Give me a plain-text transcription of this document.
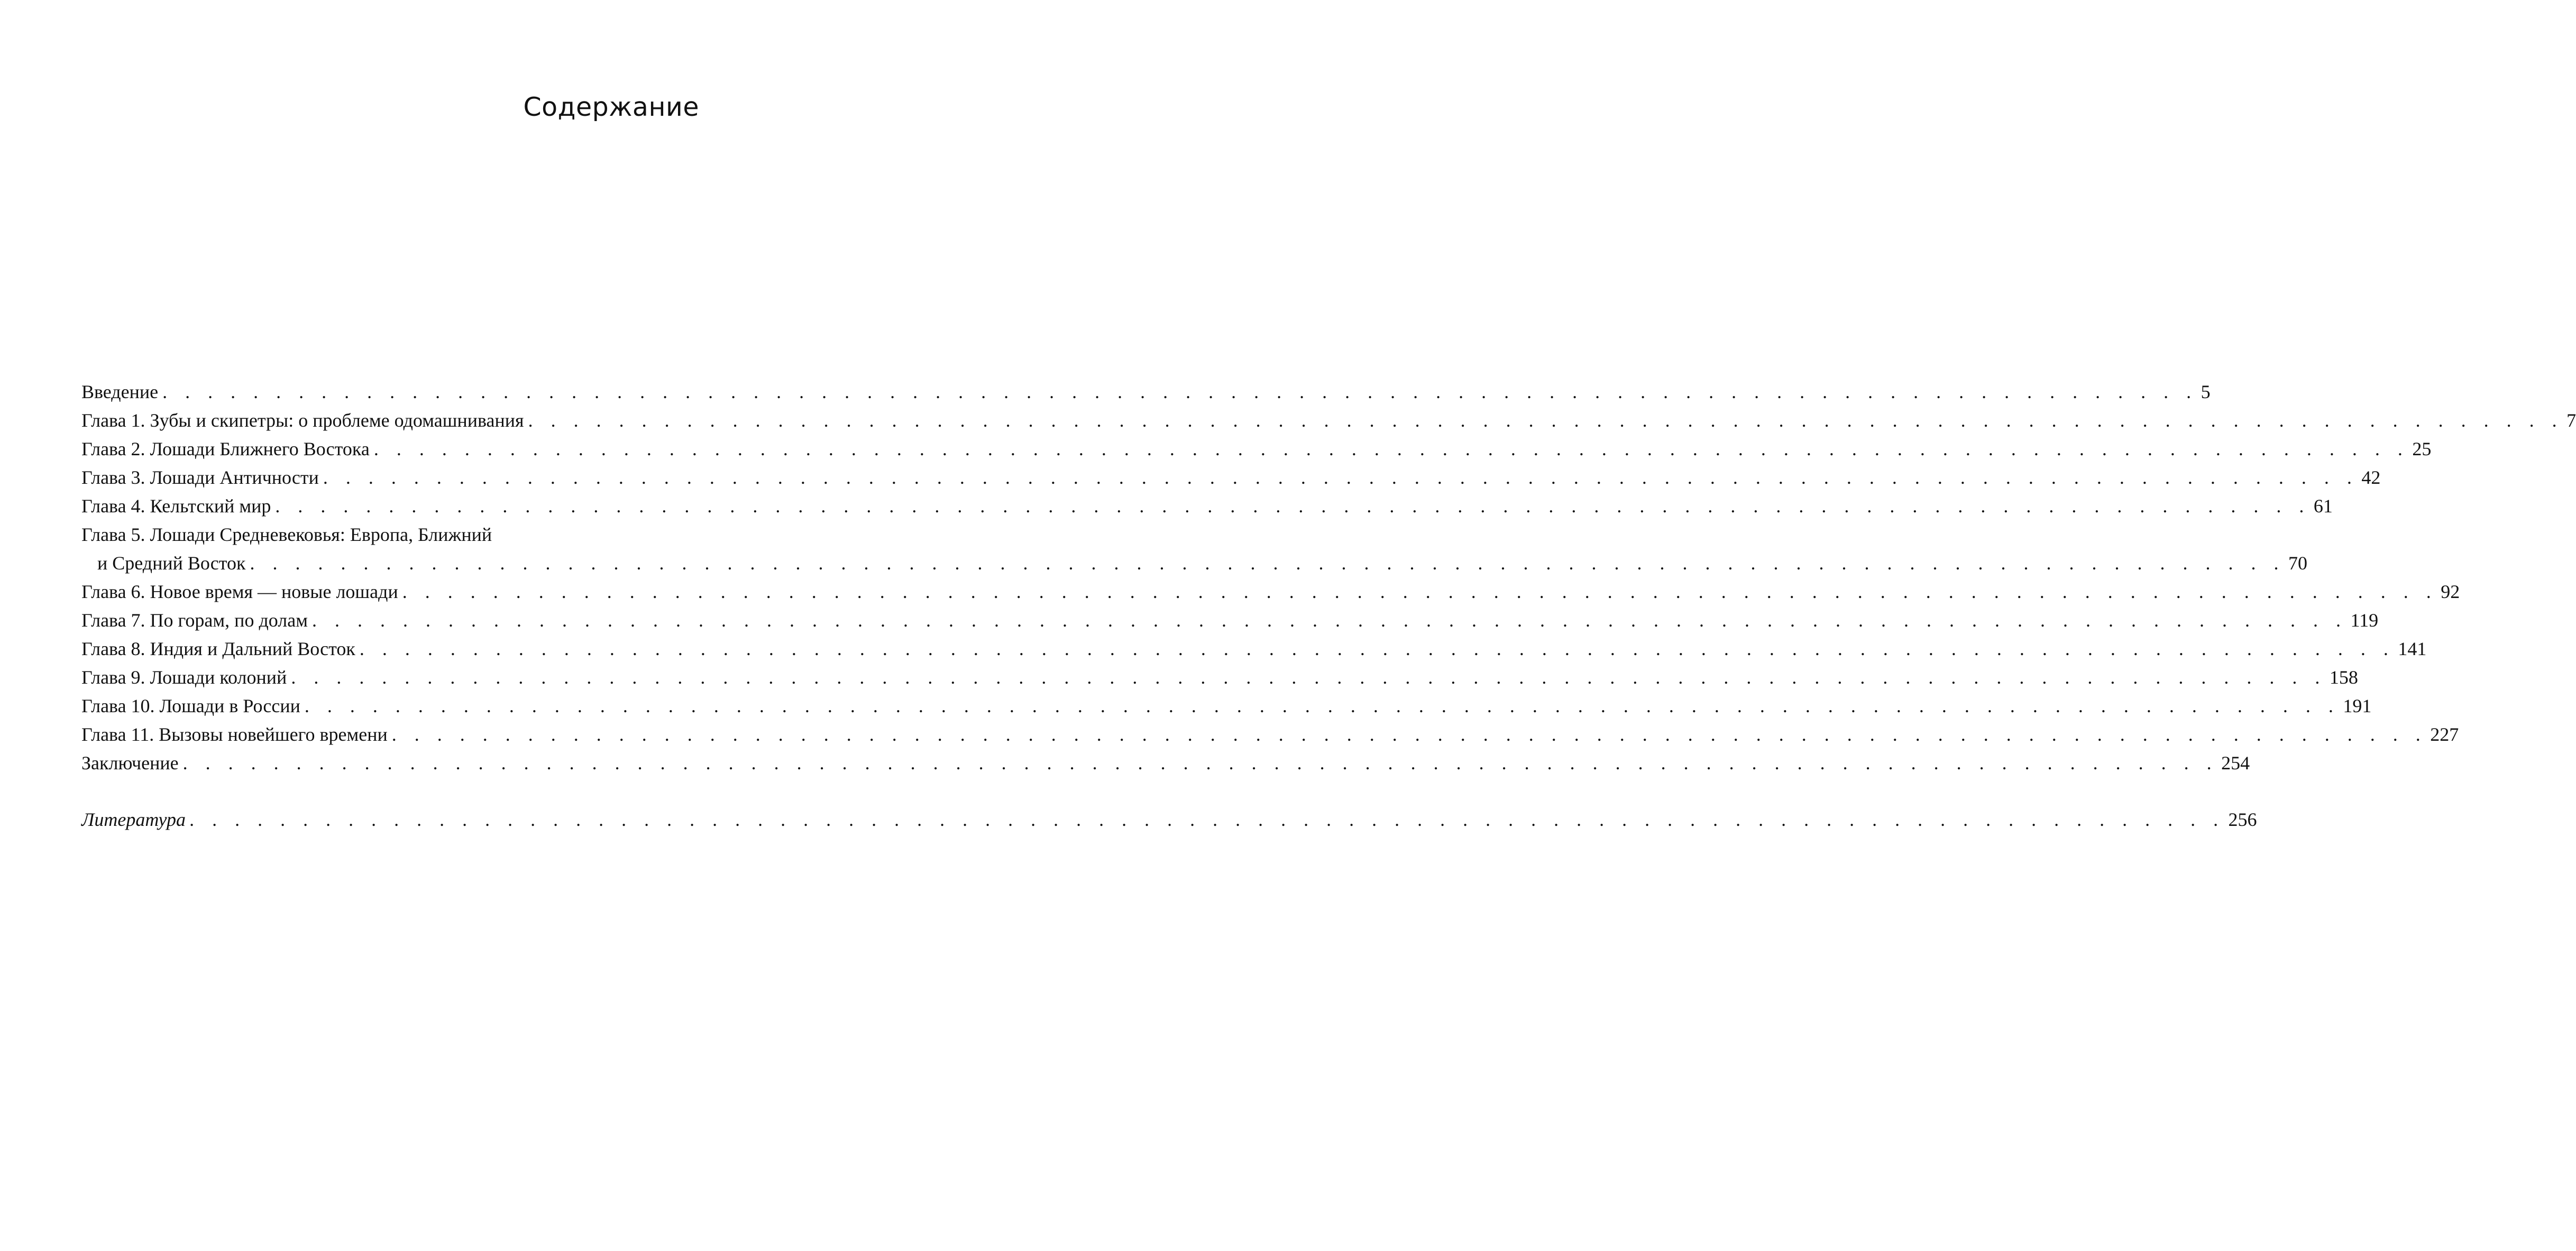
Содержание
Введение . . . . . . . . . . . . . . . . . . . . . . . . . . . . . . . . . . . . . . . . . . . . . . . . . . . . . . . . . . . . . . . . . . . . . . . . . . . . . . . . . . . . . . . . . . 5
Глава 1. Зубы и скипетры: о проблеме одомашнивания . . . . . . . . . . . . . . . . . . . . . . . . . . . . . . . . . . . . . . . . . . . . . . . . . . . . . . . . . . . . . . . . . . . . . . . . . . . . . . . . . . . . . . . . . . 7
Глава 2. Лошади Ближнего Востока . . . . . . . . . . . . . . . . . . . . . . . . . . . . . . . . . . . . . . . . . . . . . . . . . . . . . . . . . . . . . . . . . . . . . . . . . . . . . . . . . . . . . . . . . . 25
Глава 3. Лошади Античности . . . . . . . . . . . . . . . . . . . . . . . . . . . . . . . . . . . . . . . . . . . . . . . . . . . . . . . . . . . . . . . . . . . . . . . . . . . . . . . . . . . . . . . . . . 42
Глава 4. Кельтский мир . . . . . . . . . . . . . . . . . . . . . . . . . . . . . . . . . . . . . . . . . . . . . . . . . . . . . . . . . . . . . . . . . . . . . . . . . . . . . . . . . . . . . . . . . . 61
Глава 5. Лошади Средневековья: Европа, Ближний
и Средний Восток . . . . . . . . . . . . . . . . . . . . . . . . . . . . . . . . . . . . . . . . . . . . . . . . . . . . . . . . . . . . . . . . . . . . . . . . . . . . . . . . . . . . . . . . . . 70
Глава 6. Новое время — новые лошади . . . . . . . . . . . . . . . . . . . . . . . . . . . . . . . . . . . . . . . . . . . . . . . . . . . . . . . . . . . . . . . . . . . . . . . . . . . . . . . . . . . . . . . . . . 92
Глава 7. По горам, по долам . . . . . . . . . . . . . . . . . . . . . . . . . . . . . . . . . . . . . . . . . . . . . . . . . . . . . . . . . . . . . . . . . . . . . . . . . . . . . . . . . . . . . . . . . . 119
Глава 8. Индия и Дальний Восток . . . . . . . . . . . . . . . . . . . . . . . . . . . . . . . . . . . . . . . . . . . . . . . . . . . . . . . . . . . . . . . . . . . . . . . . . . . . . . . . . . . . . . . . . . 141
Глава 9. Лошади колоний . . . . . . . . . . . . . . . . . . . . . . . . . . . . . . . . . . . . . . . . . . . . . . . . . . . . . . . . . . . . . . . . . . . . . . . . . . . . . . . . . . . . . . . . . . 158
Глава 10. Лошади в России . . . . . . . . . . . . . . . . . . . . . . . . . . . . . . . . . . . . . . . . . . . . . . . . . . . . . . . . . . . . . . . . . . . . . . . . . . . . . . . . . . . . . . . . . . 191
Глава 11. Вызовы новейшего времени . . . . . . . . . . . . . . . . . . . . . . . . . . . . . . . . . . . . . . . . . . . . . . . . . . . . . . . . . . . . . . . . . . . . . . . . . . . . . . . . . . . . . . . . . . 227
Заключение . . . . . . . . . . . . . . . . . . . . . . . . . . . . . . . . . . . . . . . . . . . . . . . . . . . . . . . . . . . . . . . . . . . . . . . . . . . . . . . . . . . . . . . . . . 254
Литература . . . . . . . . . . . . . . . . . . . . . . . . . . . . . . . . . . . . . . . . . . . . . . . . . . . . . . . . . . . . . . . . . . . . . . . . . . . . . . . . . . . . . . . . . . 256
